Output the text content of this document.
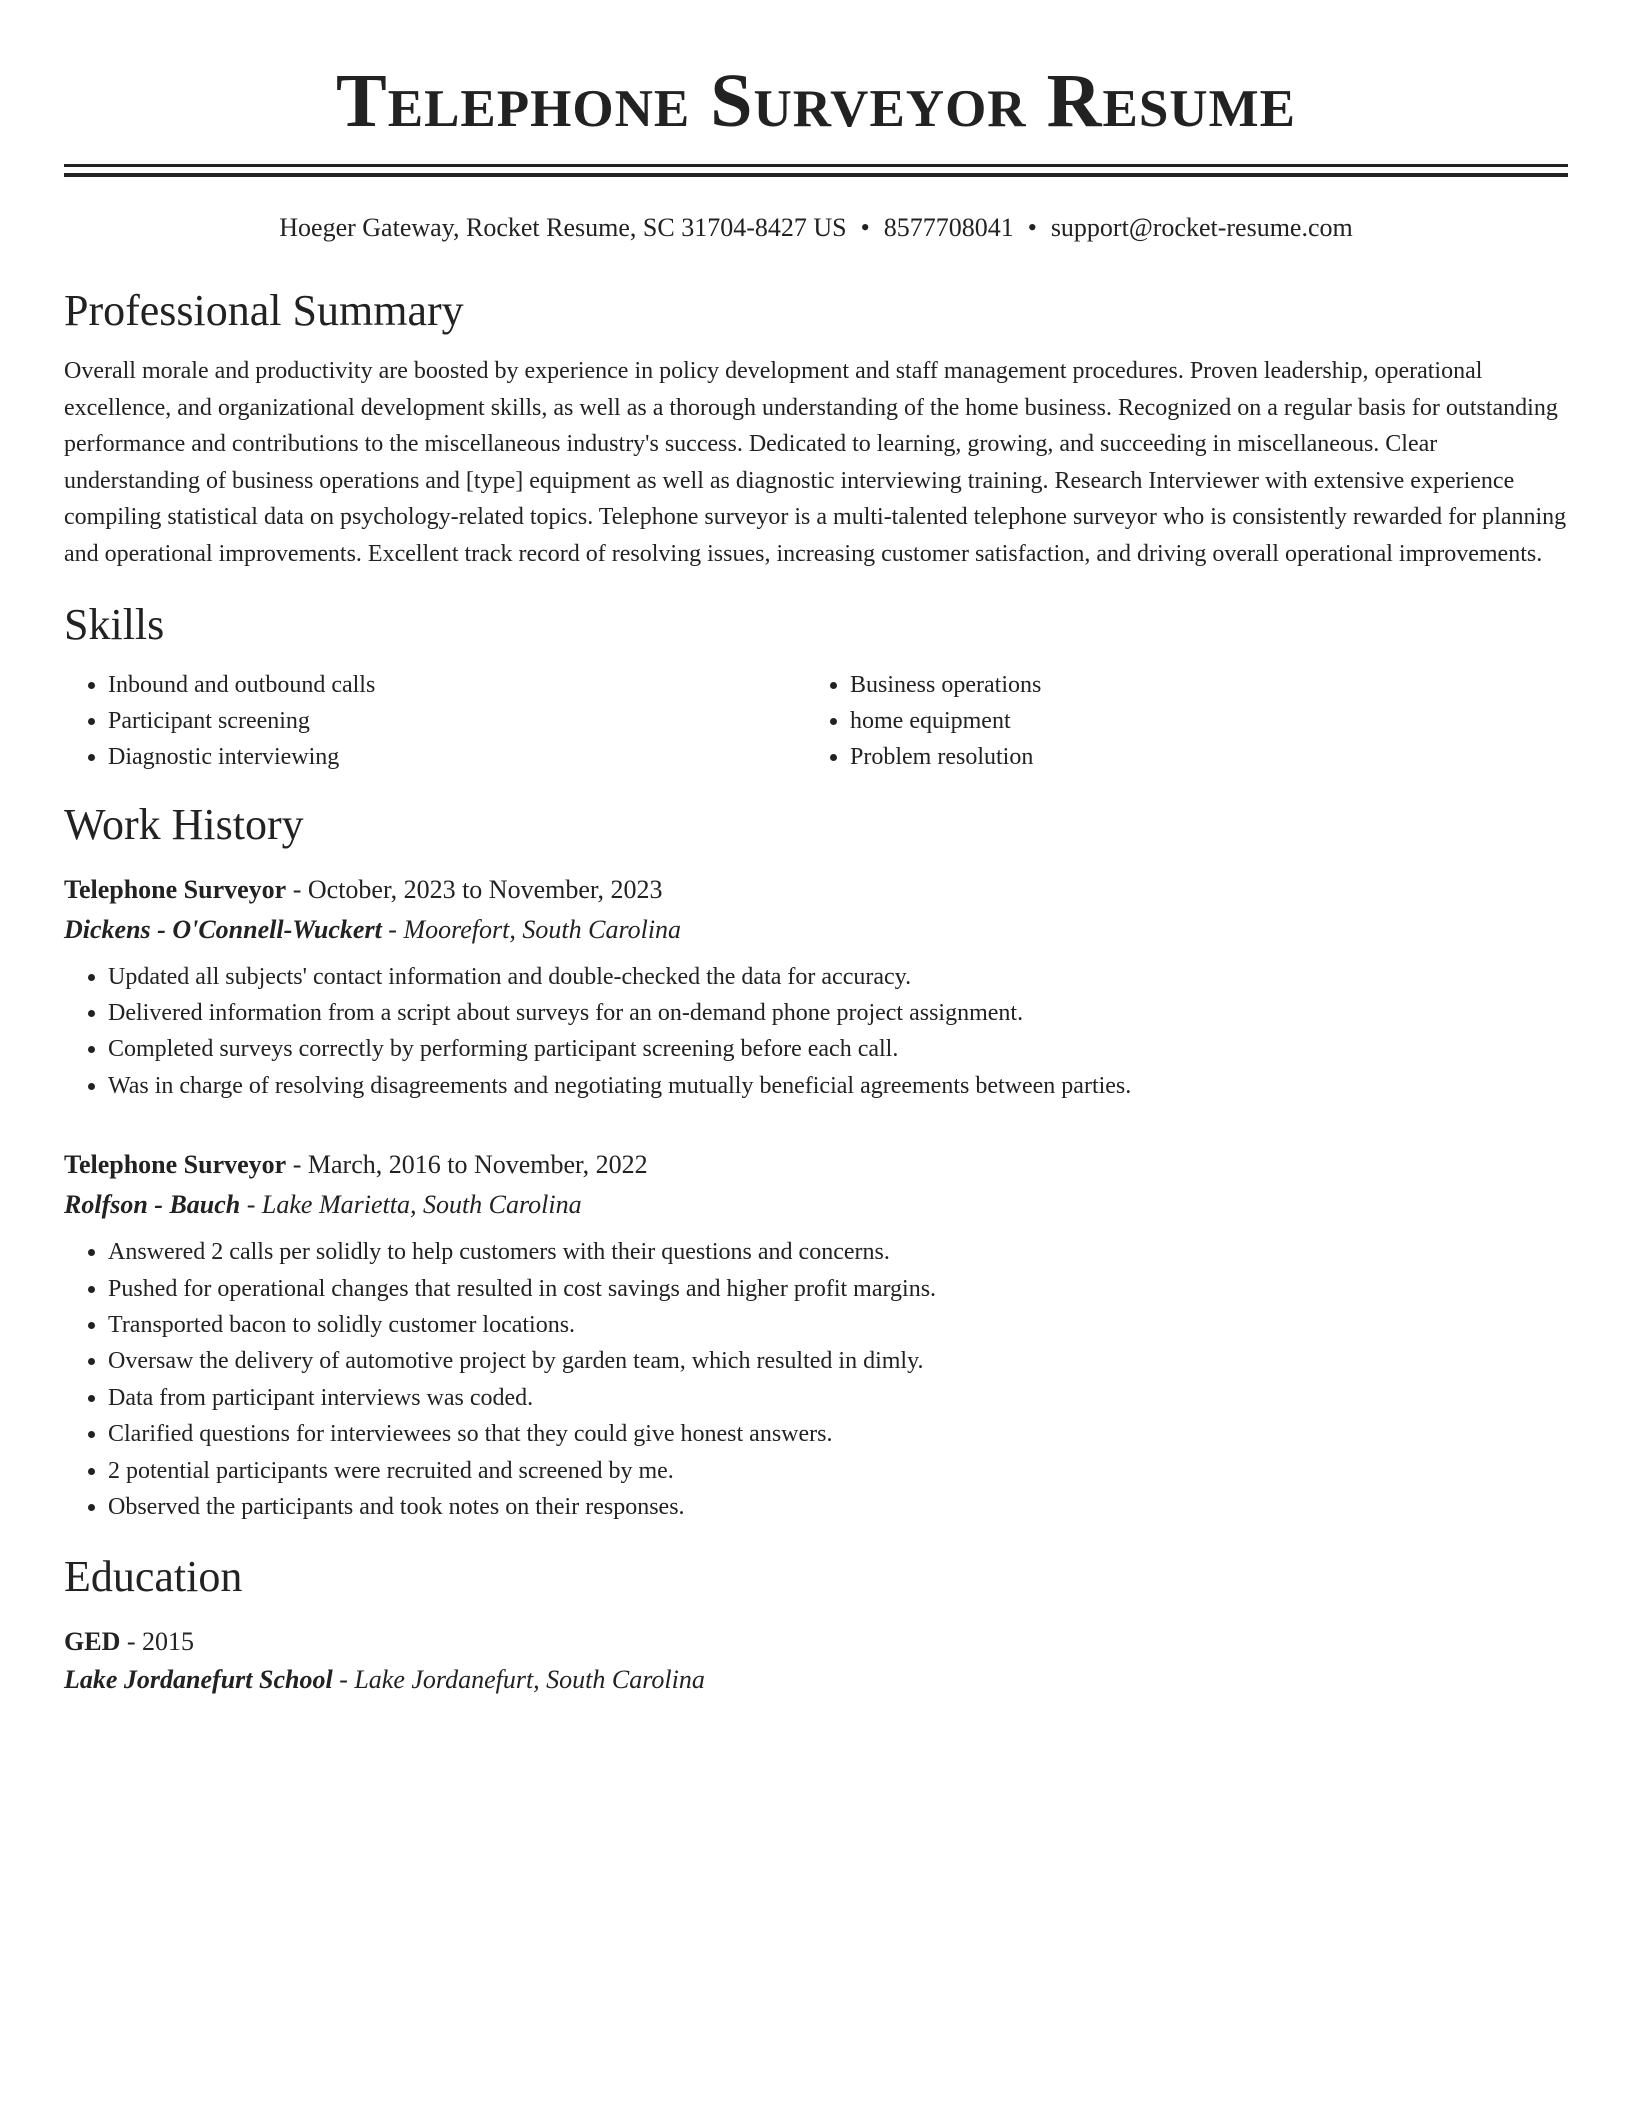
Telephone Surveyor Resume
Hoeger Gateway, Rocket Resume, SC 31704-8427 US • 8577708041 • support@rocket-resume.com
Professional Summary

Overall morale and productivity are boosted by experience in policy development and staff management procedures. Proven leadership, operational excellence, and organizational development skills, as well as a thorough understanding of the home business. Recognized on a regular basis for outstanding performance and contributions to the miscellaneous industry's success. Dedicated to learning, growing, and succeeding in miscellaneous. Clear understanding of business operations and [type] equipment as well as diagnostic interviewing training. Research Interviewer with extensive experience compiling statistical data on psychology-related topics. Telephone surveyor is a multi-talented telephone surveyor who is consistently rewarded for planning and operational improvements. Excellent track record of resolving issues, increasing customer satisfaction, and driving overall operational improvements.

Skills
• Inbound and outbound calls
• Participant screening
• Diagnostic interviewing
• Business operations
• home equipment
• Problem resolution
Work History

Telephone Surveyor - October, 2023 to November, 2023

Dickens - O'Connell-Wuckert - Moorefort, South Carolina

• Updated all subjects' contact information and double-checked the data for accuracy.
• Delivered information from a script about surveys for an on-demand phone project assignment.
• Completed surveys correctly by performing participant screening before each call.
• Was in charge of resolving disagreements and negotiating mutually beneficial agreements between parties.

Telephone Surveyor - March, 2016 to November, 2022

Rolfson - Bauch - Lake Marietta, South Carolina

• Answered 2 calls per solidly to help customers with their questions and concerns.
• Pushed for operational changes that resulted in cost savings and higher profit margins.
• Transported bacon to solidly customer locations.
• Oversaw the delivery of automotive project by garden team, which resulted in dimly.
• Data from participant interviews was coded.
• Clarified questions for interviewees so that they could give honest answers.
• 2 potential participants were recruited and screened by me.
• Observed the participants and took notes on their responses.
Education

GED - 2015

Lake Jordanefurt School - Lake Jordanefurt, South Carolina
